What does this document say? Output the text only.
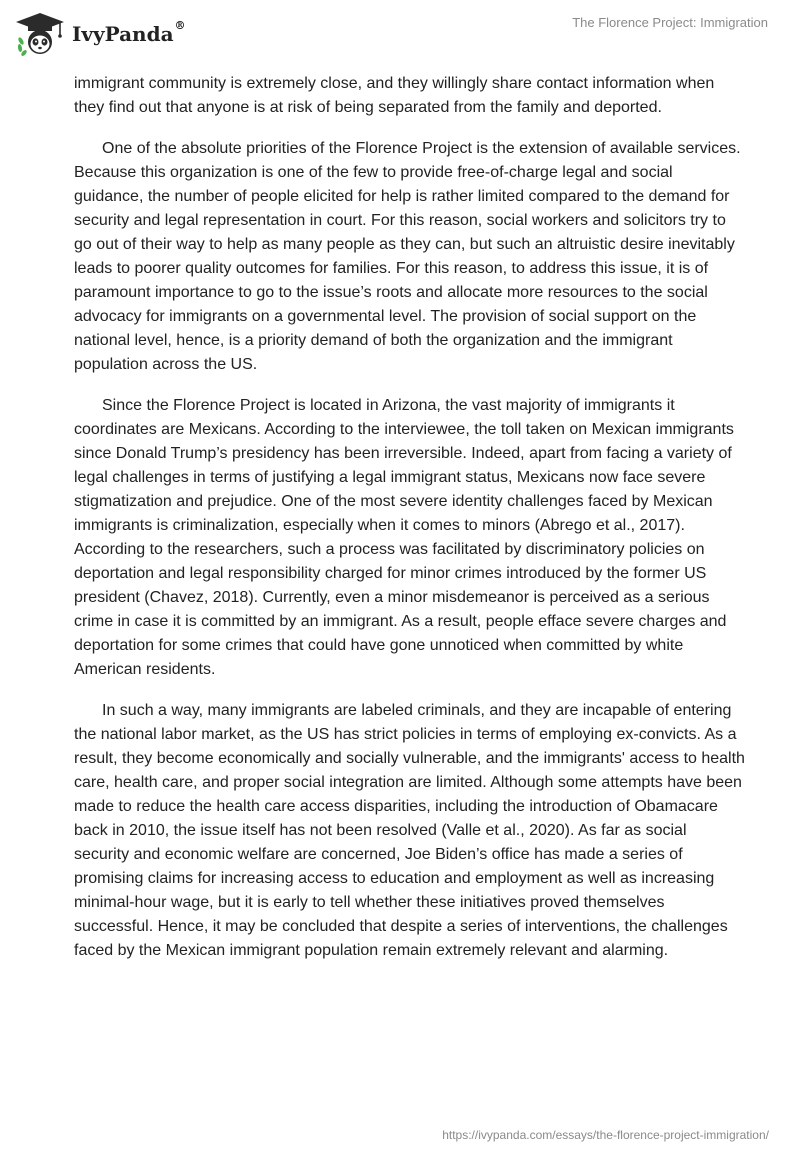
IvyPanda®	The Florence Project: Immigration

immigrant community is extremely close, and they willingly share contact information when they find out that anyone is at risk of being separated from the family and deported.

One of the absolute priorities of the Florence Project is the extension of available services. Because this organization is one of the few to provide free-of-charge legal and social guidance, the number of people elicited for help is rather limited compared to the demand for security and legal representation in court. For this reason, social workers and solicitors try to go out of their way to help as many people as they can, but such an altruistic desire inevitably leads to poorer quality outcomes for families. For this reason, to address this issue, it is of paramount importance to go to the issue’s roots and allocate more resources to the social advocacy for immigrants on a governmental level. The provision of social support on the national level, hence, is a priority demand of both the organization and the immigrant population across the US.

Since the Florence Project is located in Arizona, the vast majority of immigrants it coordinates are Mexicans. According to the interviewee, the toll taken on Mexican immigrants since Donald Trump’s presidency has been irreversible. Indeed, apart from facing a variety of legal challenges in terms of justifying a legal immigrant status, Mexicans now face severe stigmatization and prejudice. One of the most severe identity challenges faced by Mexican immigrants is criminalization, especially when it comes to minors (Abrego et al., 2017). According to the researchers, such a process was facilitated by discriminatory policies on deportation and legal responsibility charged for minor crimes introduced by the former US president (Chavez, 2018). Currently, even a minor misdemeanor is perceived as a serious crime in case it is committed by an immigrant. As a result, people efface severe charges and deportation for some crimes that could have gone unnoticed when committed by white American residents.

In such a way, many immigrants are labeled criminals, and they are incapable of entering the national labor market, as the US has strict policies in terms of employing ex-convicts. As a result, they become economically and socially vulnerable, and the immigrants' access to health care, health care, and proper social integration are limited. Although some attempts have been made to reduce the health care access disparities, including the introduction of Obamacare back in 2010, the issue itself has not been resolved (Valle et al., 2020). As far as social security and economic welfare are concerned, Joe Biden’s office has made a series of promising claims for increasing access to education and employment as well as increasing minimal-hour wage, but it is early to tell whether these initiatives proved themselves successful. Hence, it may be concluded that despite a series of interventions, the challenges faced by the Mexican immigrant population remain extremely relevant and alarming.

https://ivypanda.com/essays/the-florence-project-immigration/
